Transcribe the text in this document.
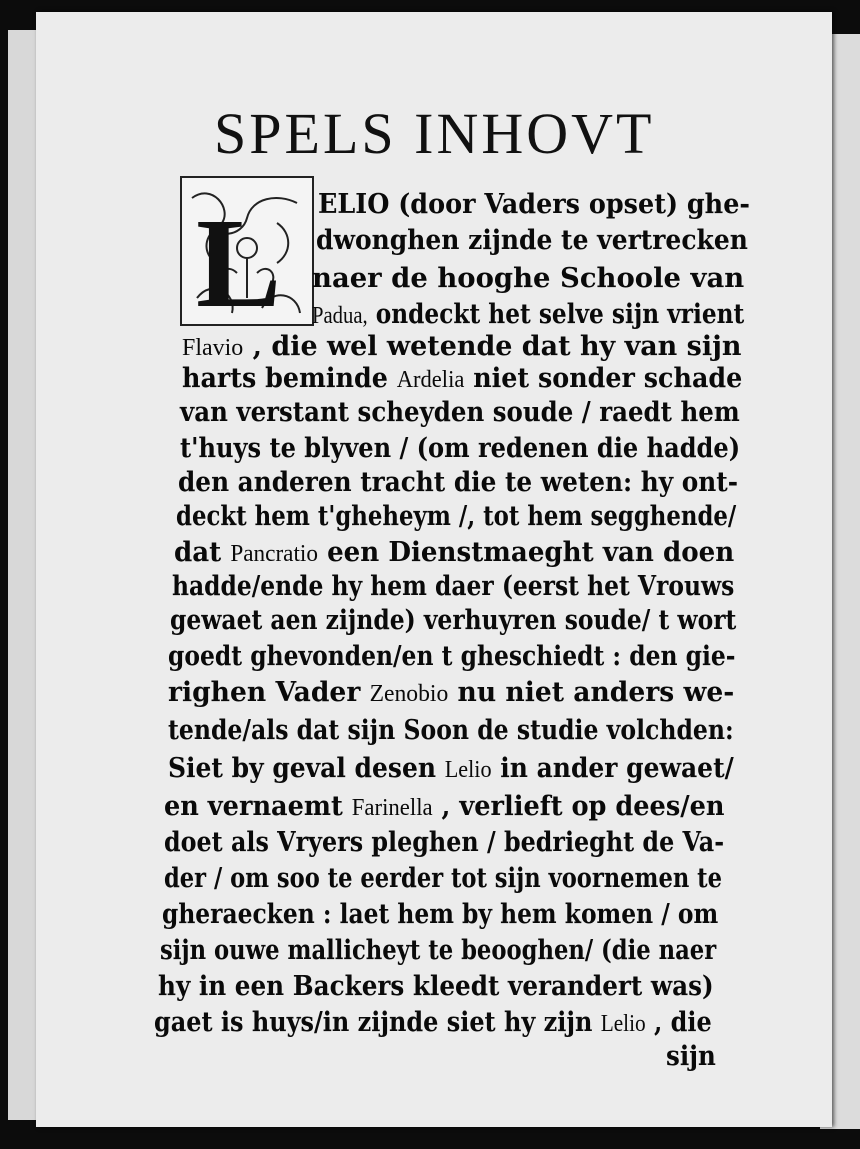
SPELS INHOVT
L ELIO (door Vaders opset) ghe-
dwonghen zijnde te vertrecken
naer de hooghe Schoole van
Padua, ondeckt het selve sijn vrient
Flavio , die wel wetende dat hy van sijn
harts beminde Ardelia niet sonder schade
van verstant scheyden soude / raedt hem
t'huys te blyven / (om redenen die hadde)
den anderen tracht die te weten: hy ont-
deckt hem t'gheheym /, tot hem segghende/
dat Pancratio een Dienstmaeght van doen
hadde/ende hy hem daer (eerst het Vrouws
gewaet aen zijnde) verhuyren soude/ t wort
goedt ghevonden/en t gheschiedt : den gie-
righen Vader Zenobio nu niet anders we-
tende/als dat sijn Soon de studie volchden:
Siet by geval desen Lelio in ander gewaet/
en vernaemt Farinella , verlieft op dees/en
doet als Vryers pleghen / bedrieght de Va-
der / om soo te eerder tot sijn voornemen te
gheraecken : laet hem by hem komen / om
sijn ouwe mallicheyt te beooghen/ (die naer
hy in een Backers kleedt verandert was)
gaet is huys/in zijnde siet hy zijn Lelio , die
sijn
